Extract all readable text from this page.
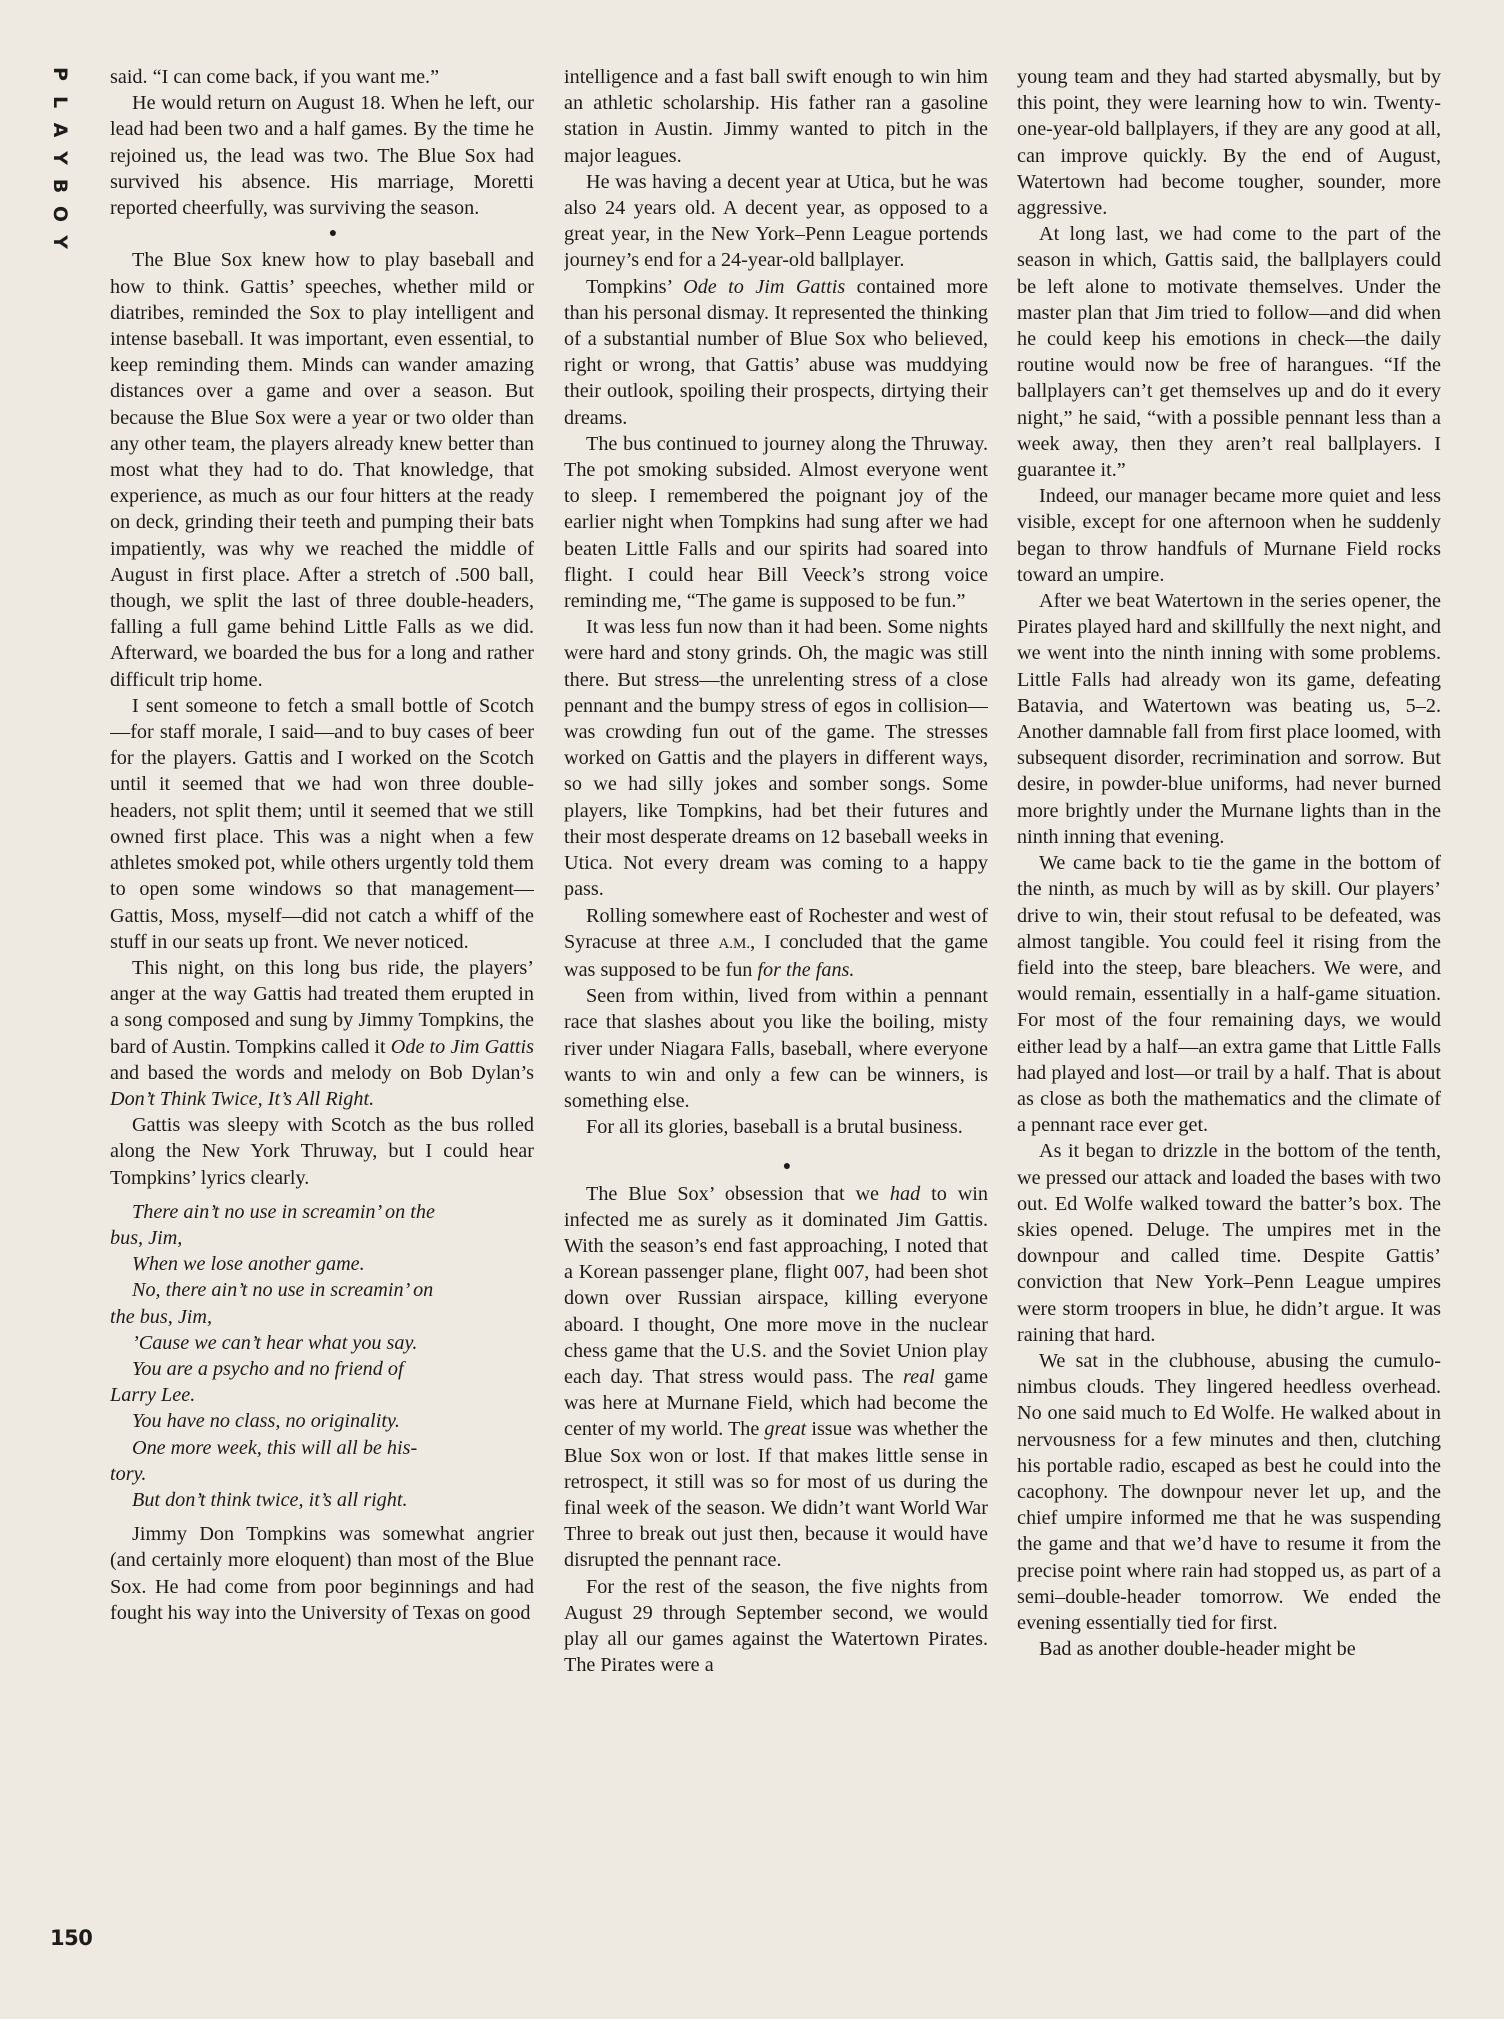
P
L
A
Y
B
O
Y
150

said. “I can come back, if you want me.”

He would return on August 18. When he left, our lead had been two and a half games. By the time he rejoined us, the lead was two. The Blue Sox had survived his absence. His marriage, Moretti reported cheerfully, was surviving the season.

●

The Blue Sox knew how to play baseball and how to think. Gattis’ speeches, whether mild or diatribes, reminded the Sox to play intelligent and intense baseball. It was important, even essential, to keep reminding them. Minds can wander amazing distances over a game and over a season. But because the Blue Sox were a year or two older than any other team, the players already knew better than most what they had to do. That knowledge, that experience, as much as our four hitters at the ready on deck, grinding their teeth and pumping their bats impatiently, was why we reached the middle of August in first place. After a stretch of .500 ball, though, we split the last of three double-headers, falling a full game behind Little Falls as we did. Afterward, we boarded the bus for a long and rather difficult trip home.

I sent someone to fetch a small bottle of Scotch—for staff morale, I said—and to buy cases of beer for the players. Gattis and I worked on the Scotch until it seemed that we had won three double-headers, not split them; until it seemed that we still owned first place. This was a night when a few athletes smoked pot, while others urgently told them to open some windows so that management—Gattis, Moss, myself—did not catch a whiff of the stuff in our seats up front. We never noticed.

This night, on this long bus ride, the players’ anger at the way Gattis had treated them erupted in a song composed and sung by Jimmy Tompkins, the bard of Austin. Tompkins called it Ode to Jim Gattis and based the words and melody on Bob Dylan’s Don’t Think Twice, It’s All Right.

Gattis was sleepy with Scotch as the bus rolled along the New York Thruway, but I could hear Tompkins’ lyrics clearly.

There ain’t no use in screamin’ on the

bus, Jim,

When we lose another game.

No, there ain’t no use in screamin’ on

the bus, Jim,

’Cause we can’t hear what you say.

You are a psycho and no friend of

Larry Lee.

You have no class, no originality.

One more week, this will all be his-

tory.

But don’t think twice, it’s all right.

Jimmy Don Tompkins was somewhat angrier (and certainly more eloquent) than most of the Blue Sox. He had come from poor beginnings and had fought his way into the University of Texas on good

intelligence and a fast ball swift enough to win him an athletic scholarship. His father ran a gasoline station in Austin. Jimmy wanted to pitch in the major leagues.

He was having a decent year at Utica, but he was also 24 years old. A decent year, as opposed to a great year, in the New York–Penn League portends journey’s end for a 24-year-old ballplayer.

Tompkins’ Ode to Jim Gattis contained more than his personal dismay. It represented the thinking of a substantial number of Blue Sox who believed, right or wrong, that Gattis’ abuse was muddying their outlook, spoiling their prospects, dirtying their dreams.

The bus continued to journey along the Thruway. The pot smoking subsided. Almost everyone went to sleep. I remembered the poignant joy of the earlier night when Tompkins had sung after we had beaten Little Falls and our spirits had soared into flight. I could hear Bill Veeck’s strong voice reminding me, “The game is supposed to be fun.”

It was less fun now than it had been. Some nights were hard and stony grinds. Oh, the magic was still there. But stress—the unrelenting stress of a close pennant and the bumpy stress of egos in collision—was crowding fun out of the game. The stresses worked on Gattis and the players in different ways, so we had silly jokes and somber songs. Some players, like Tompkins, had bet their futures and their most desperate dreams on 12 baseball weeks in Utica. Not every dream was coming to a happy pass.

Rolling somewhere east of Rochester and west of Syracuse at three A.M., I concluded that the game was supposed to be fun for the fans.

Seen from within, lived from within a pennant race that slashes about you like the boiling, misty river under Niagara Falls, baseball, where everyone wants to win and only a few can be winners, is something else.

For all its glories, baseball is a brutal business.

●

The Blue Sox’ obsession that we had to win infected me as surely as it dominated Jim Gattis. With the season’s end fast approaching, I noted that a Korean passenger plane, flight 007, had been shot down over Russian airspace, killing everyone aboard. I thought, One more move in the nuclear chess game that the U.S. and the Soviet Union play each day. That stress would pass. The real game was here at Murnane Field, which had become the center of my world. The great issue was whether the Blue Sox won or lost. If that makes little sense in retrospect, it still was so for most of us during the final week of the season. We didn’t want World War Three to break out just then, because it would have disrupted the pennant race.

For the rest of the season, the five nights from August 29 through September second, we would play all our games against the Watertown Pirates. The Pirates were a

young team and they had started abysmally, but by this point, they were learning how to win. Twenty-one-year-old ballplayers, if they are any good at all, can improve quickly. By the end of August, Watertown had become tougher, sounder, more aggressive.

At long last, we had come to the part of the season in which, Gattis said, the ballplayers could be left alone to motivate themselves. Under the master plan that Jim tried to follow—and did when he could keep his emotions in check—the daily routine would now be free of harangues. “If the ballplayers can’t get themselves up and do it every night,” he said, “with a possible pennant less than a week away, then they aren’t real ballplayers. I guarantee it.”

Indeed, our manager became more quiet and less visible, except for one afternoon when he suddenly began to throw handfuls of Murnane Field rocks toward an umpire.

After we beat Watertown in the series opener, the Pirates played hard and skillfully the next night, and we went into the ninth inning with some problems. Little Falls had already won its game, defeating Batavia, and Watertown was beating us, 5–2. Another damnable fall from first place loomed, with subsequent disorder, recrimination and sorrow. But desire, in powder-blue uniforms, had never burned more brightly under the Murnane lights than in the ninth inning that evening.

We came back to tie the game in the bottom of the ninth, as much by will as by skill. Our players’ drive to win, their stout refusal to be defeated, was almost tangible. You could feel it rising from the field into the steep, bare bleachers. We were, and would remain, essentially in a half-game situation. For most of the four remaining days, we would either lead by a half—an extra game that Little Falls had played and lost—or trail by a half. That is about as close as both the mathematics and the climate of a pennant race ever get.

As it began to drizzle in the bottom of the tenth, we pressed our attack and loaded the bases with two out. Ed Wolfe walked toward the batter’s box. The skies opened. Deluge. The umpires met in the downpour and called time. Despite Gattis’ conviction that New York–Penn League umpires were storm troopers in blue, he didn’t argue. It was raining that hard.

We sat in the clubhouse, abusing the cumulo-nimbus clouds. They lingered heedless overhead. No one said much to Ed Wolfe. He walked about in nervousness for a few minutes and then, clutching his portable radio, escaped as best he could into the cacophony. The downpour never let up, and the chief umpire informed me that he was suspending the game and that we’d have to resume it from the precise point where rain had stopped us, as part of a semi–double-header tomorrow. We ended the evening essentially tied for first.

Bad as another double-header might be
